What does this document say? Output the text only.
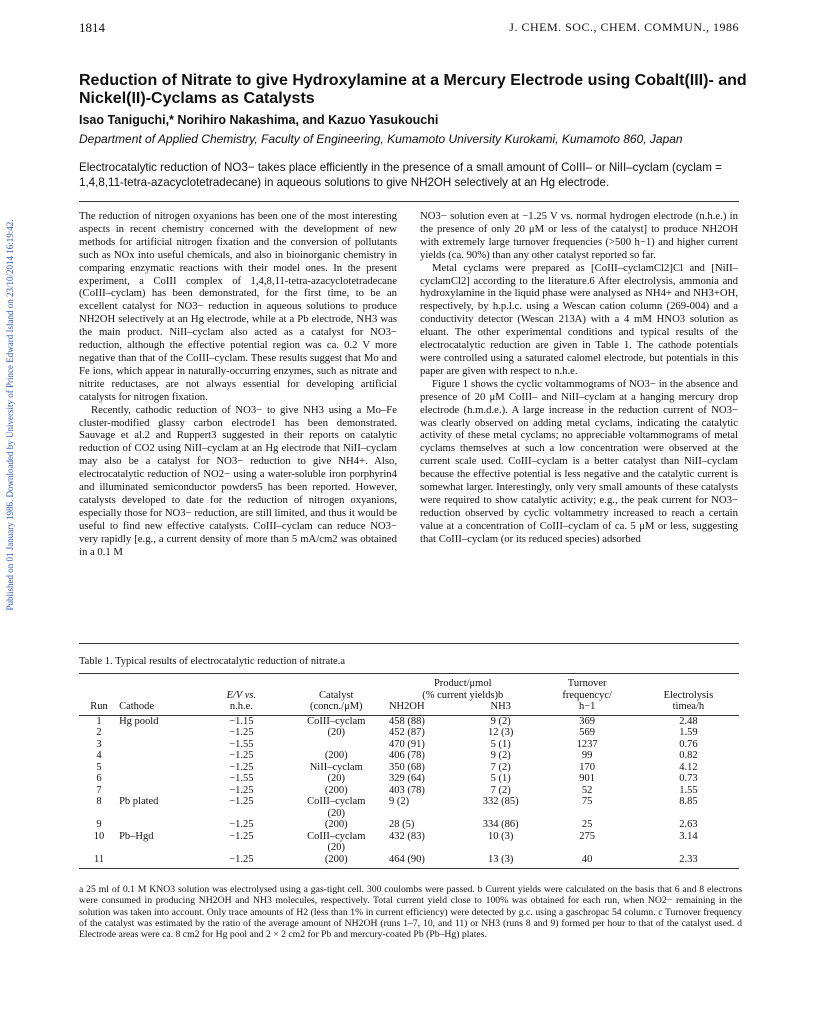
Published on 01 January 1986. Downloaded by University of Prince Edward Island on 23/10/2014 16:19:42.
1814	J. CHEM. SOC., CHEM. COMMUN., 1986
Reduction of Nitrate to give Hydroxylamine at a Mercury Electrode using Cobalt(III)- and Nickel(II)-Cyclams as Catalysts
Isao Taniguchi,* Norihiro Nakashima, and Kazuo Yasukouchi
Department of Applied Chemistry, Faculty of Engineering, Kumamoto University Kurokami, Kumamoto 860, Japan
Electrocatalytic reduction of NO3− takes place efficiently in the presence of a small amount of CoIII– or NiII–cyclam (cyclam = 1,4,8,11-tetra-azacyclotetradecane) in aqueous solutions to give NH2OH selectively at an Hg electrode.

The reduction of nitrogen oxyanions has been one of the most interesting aspects in recent chemistry concerned with the development of new methods for artificial nitrogen fixation and the conversion of pollutants such as NOx into useful chemicals, and also in bioinorganic chemistry in comparing enzymatic reactions with their model ones. In the present experiment, a CoIII complex of 1,4,8,11-tetra-azacyclotetradecane (CoIII–cyclam) has been demonstrated, for the first time, to be an excellent catalyst for NO3− reduction in aqueous solutions to produce NH2OH selectively at an Hg electrode, while at a Pb electrode, NH3 was the main product. NiII–cyclam also acted as a catalyst for NO3− reduction, although the effective potential region was ca. 0.2 V more negative than that of the CoIII–cyclam. These results suggest that Mo and Fe ions, which appear in naturally-occurring enzymes, such as nitrate and nitrite reductases, are not always essential for developing artificial catalysts for nitrogen fixation.

Recently, cathodic reduction of NO3− to give NH3 using a Mo–Fe cluster-modified glassy carbon electrode1 has been demonstrated. Sauvage et al.2 and Ruppert3 suggested in their reports on catalytic reduction of CO2 using NiII–cyclam at an Hg electrode that NiII–cyclam may also be a catalyst for NO3− reduction to give NH4+. Also, electrocatalytic reduction of NO2− using a water-soluble iron porphyrin4 and illuminated semiconductor powders5 has been reported. However, catalysts developed to date for the reduction of nitrogen oxyanions, especially those for NO3− reduction, are still limited, and thus it would be useful to find new effective catalysts. CoIII–cyclam can reduce NO3− very rapidly [e.g., a current density of more than 5 mA/cm2 was obtained in a 0.1 M

NO3− solution even at −1.25 V vs. normal hydrogen electrode (n.h.e.) in the presence of only 20 μM or less of the catalyst] to produce NH2OH with extremely large turnover frequencies (>500 h−1) and higher current yields (ca. 90%) than any other catalyst reported so far.

Metal cyclams were prepared as [CoIII–cyclamCl2]Cl and [NiII–cyclamCl2] according to the literature.6 After electrolysis, ammonia and hydroxylamine in the liquid phase were analysed as NH4+ and NH3+OH, respectively, by h.p.l.c. using a Wescan cation column (269-004) and a conductivity detector (Wescan 213A) with a 4 mM HNO3 solution as eluant. The other experimental conditions and typical results of the electrocatalytic reduction are given in Table 1. The cathode potentials were controlled using a saturated calomel electrode, but potentials in this paper are given with respect to n.h.e.

Figure 1 shows the cyclic voltammograms of NO3− in the absence and presence of 20 μM CoIII– and NiII–cyclam at a hanging mercury drop electrode (h.m.d.e.). A large increase in the reduction current of NO3− was clearly observed on adding metal cyclams, indicating the catalytic activity of these metal cyclams; no appreciable voltammograms of metal cyclams themselves at such a low concentration were observed at the current scale used. CoIII–cyclam is a better catalyst than NiII–cyclam because the effective potential is less negative and the catalytic current is somewhat larger. Interestingly, only very small amounts of these catalysts were required to show catalytic activity; e.g., the peak current for NO3− reduction observed by cyclic voltammetry increased to reach a certain value at a concentration of CoIII–cyclam of ca. 5 μM or less, suggesting that CoIII–cyclam (or its reduced species) adsorbed

Table 1. Typical results of electrocatalytic reduction of nitrate.a
				Product/μmol		Turnover	
		E/V vs.	Catalyst	(% current yields)b		frequencyc/	Electrolysis
Run	Cathode	n.h.e.	(concn./μM)	NH2OH	NH3	h−1	timea/h
1	Hg poold	−1.15	CoIII–cyclam	458 (88)	9 (2)	369	2.48
2		−1.25	(20)	452 (87)	12 (3)	569	1.59
3		−1.55		470 (91)	5 (1)	1237	0.76
4		−1.25	(200)	406 (78)	9 (2)	99	0.82
5		−1.25	NiII–cyclam	350 (68)	7 (2)	170	4.12
6		−1.55	(20)	329 (64)	5 (1)	901	0.73
7		−1.25	(200)	403 (78)	7 (2)	52	1.55
8	Pb plated	−1.25	CoIII–cyclam	9 (2)	332 (85)	75	8.85
			(20)				
9		−1.25	(200)	28 (5)	334 (86)	25	2.63
10	Pb–Hgd	−1.25	CoIII–cyclam	432 (83)	10 (3)	275	3.14
			(20)				
11		−1.25	(200)	464 (90)	13 (3)	40	2.33
a 25 ml of 0.1 M KNO3 solution was electrolysed using a gas-tight cell. 300 coulombs were passed. b Current yields were calculated on the basis that 6 and 8 electrons were consumed in producing NH2OH and NH3 molecules, respectively. Total current yield close to 100% was obtained for each run, when NO2− remaining in the solution was taken into account. Only trace amounts of H2 (less than 1% in current efficiency) were detected by g.c. using a gaschropac 54 column. c Turnover frequency of the catalyst was estimated by the ratio of the average amount of NH2OH (runs 1–7, 10, and 11) or NH3 (runs 8 and 9) formed per hour to that of the catalyst used. d Electrode areas were ca. 8 cm2 for Hg pool and 2 × 2 cm2 for Pb and mercury-coated Pb (Pb–Hg) plates.
